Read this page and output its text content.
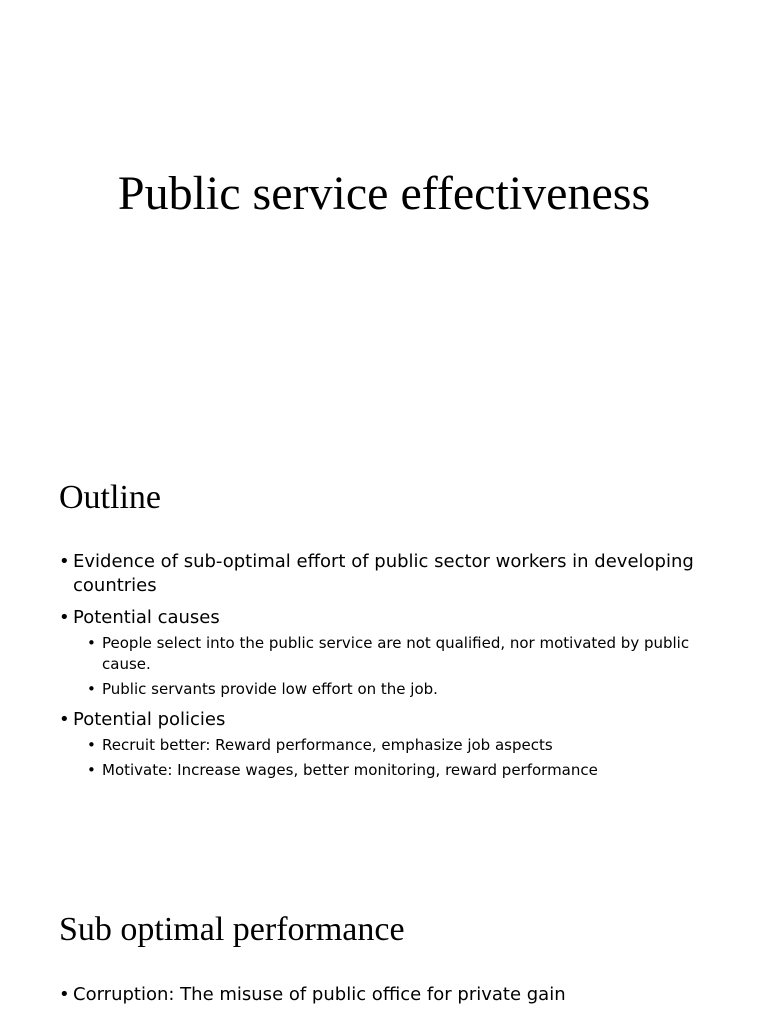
Public service effectiveness
Outline
• Evidence of sub-optimal effort of public sector workers in developing countries
• Potential causes
• People select into the public service are not qualified, nor motivated by public cause.
• Public servants provide low effort on the job.
• Potential policies
• Recruit better: Reward performance, emphasize job aspects
• Motivate: Increase wages, better monitoring, reward performance
Sub optimal performance
• Corruption: The misuse of public office for private gain
